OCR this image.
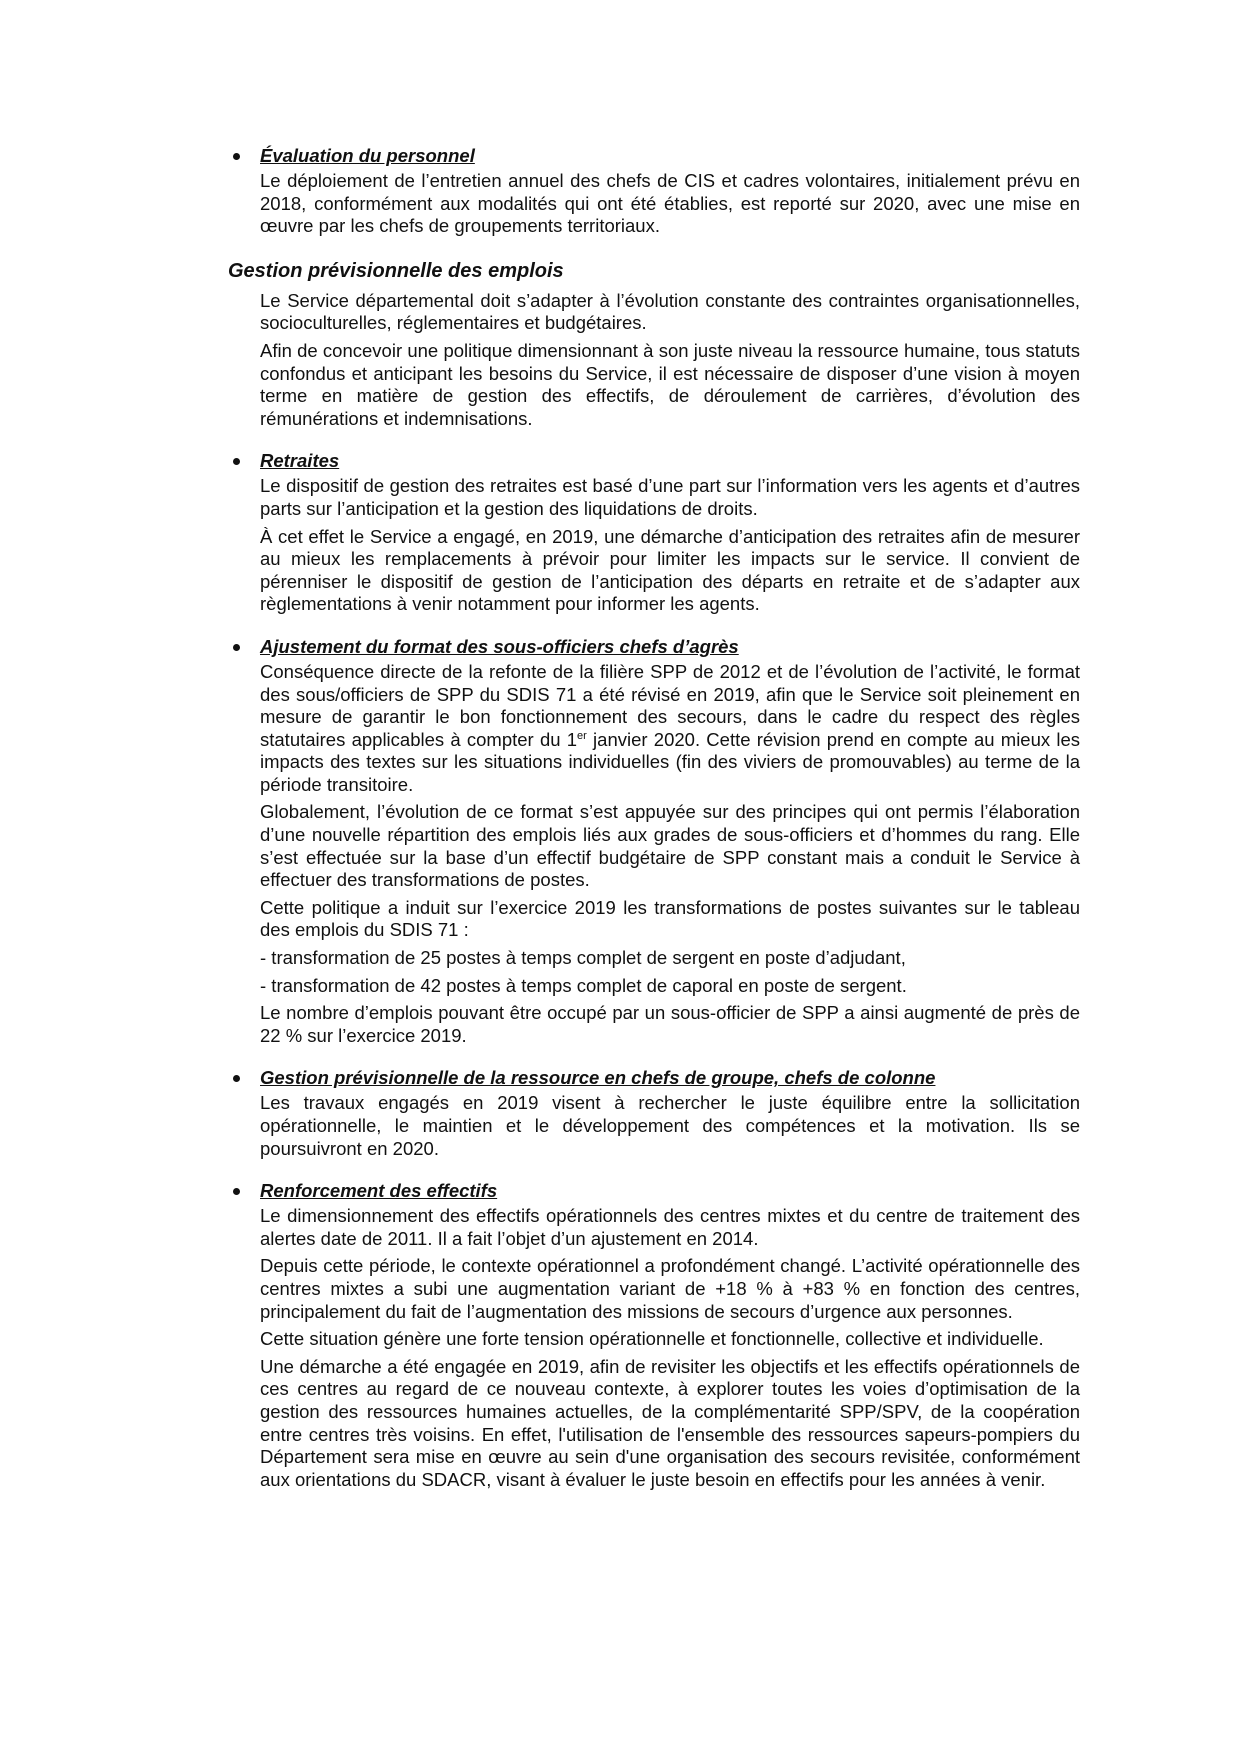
Évaluation du personnel

Le déploiement de l’entretien annuel des chefs de CIS et cadres volontaires, initialement prévu en 2018, conformément aux modalités qui ont été établies, est reporté sur 2020, avec une mise en œuvre par les chefs de groupements territoriaux.

Gestion prévisionnelle des emplois

Le Service départemental doit s’adapter à l’évolution constante des contraintes organisationnelles, socioculturelles, réglementaires et budgétaires.

Afin de concevoir une politique dimensionnant à son juste niveau la ressource humaine, tous statuts confondus et anticipant les besoins du Service, il est nécessaire de disposer d’une vision à moyen terme en matière de gestion des effectifs, de déroulement de carrières, d’évolution des rémunérations et indemnisations.

Retraites

Le dispositif de gestion des retraites est basé d’une part sur l’information vers les agents et d’autres parts sur l’anticipation et la gestion des liquidations de droits.

À cet effet le Service a engagé, en 2019, une démarche d’anticipation des retraites afin de mesurer au mieux les remplacements à prévoir pour limiter les impacts sur le service. Il convient de pérenniser le dispositif de gestion de l’anticipation des départs en retraite et de s’adapter aux règlementations à venir notamment pour informer les agents.

Ajustement du format des sous-officiers chefs d’agrès

Conséquence directe de la refonte de la filière SPP de 2012 et de l’évolution de l’activité, le format des sous/officiers de SPP du SDIS 71 a été révisé en 2019, afin que le Service soit pleinement en mesure de garantir le bon fonctionnement des secours, dans le cadre du respect des règles statutaires applicables à compter du 1er janvier 2020. Cette révision prend en compte au mieux les impacts des textes sur les situations individuelles (fin des viviers de promouvables) au terme de la période transitoire.

Globalement, l’évolution de ce format s’est appuyée sur des principes qui ont permis l’élaboration d’une nouvelle répartition des emplois liés aux grades de sous-officiers et d’hommes du rang. Elle s’est effectuée sur la base d’un effectif budgétaire de SPP constant mais a conduit le Service à effectuer des transformations de postes.

Cette politique a induit sur l’exercice 2019 les transformations de postes suivantes sur le tableau des emplois du SDIS 71 :

- transformation de 25 postes à temps complet de sergent en poste d’adjudant,

- transformation de 42 postes à temps complet de caporal en poste de sergent.

Le nombre d’emplois pouvant être occupé par un sous-officier de SPP a ainsi augmenté de près de 22 % sur l’exercice 2019.

Gestion prévisionnelle de la ressource en chefs de groupe, chefs de colonne

Les travaux engagés en 2019 visent à rechercher le juste équilibre entre la sollicitation opérationnelle, le maintien et le développement des compétences et la motivation. Ils se poursuivront en 2020.

Renforcement des effectifs

Le dimensionnement des effectifs opérationnels des centres mixtes et du centre de traitement des alertes date de 2011. Il a fait l’objet d’un ajustement en 2014.

Depuis cette période, le contexte opérationnel a profondément changé. L’activité opérationnelle des centres mixtes a subi une augmentation variant de +18 % à +83 % en fonction des centres, principalement du fait de l’augmentation des missions de secours d’urgence aux personnes.

Cette situation génère une forte tension opérationnelle et fonctionnelle, collective et individuelle.

Une démarche a été engagée en 2019, afin de revisiter les objectifs et les effectifs opérationnels de ces centres au regard de ce nouveau contexte, à explorer toutes les voies d’optimisation de la gestion des ressources humaines actuelles, de la complémentarité SPP/SPV, de la coopération entre centres très voisins. En effet, l'utilisation de l'ensemble des ressources sapeurs-pompiers du Département sera mise en œuvre au sein d'une organisation des secours revisitée, conformément aux orientations du SDACR, visant à évaluer le juste besoin en effectifs pour les années à venir.
